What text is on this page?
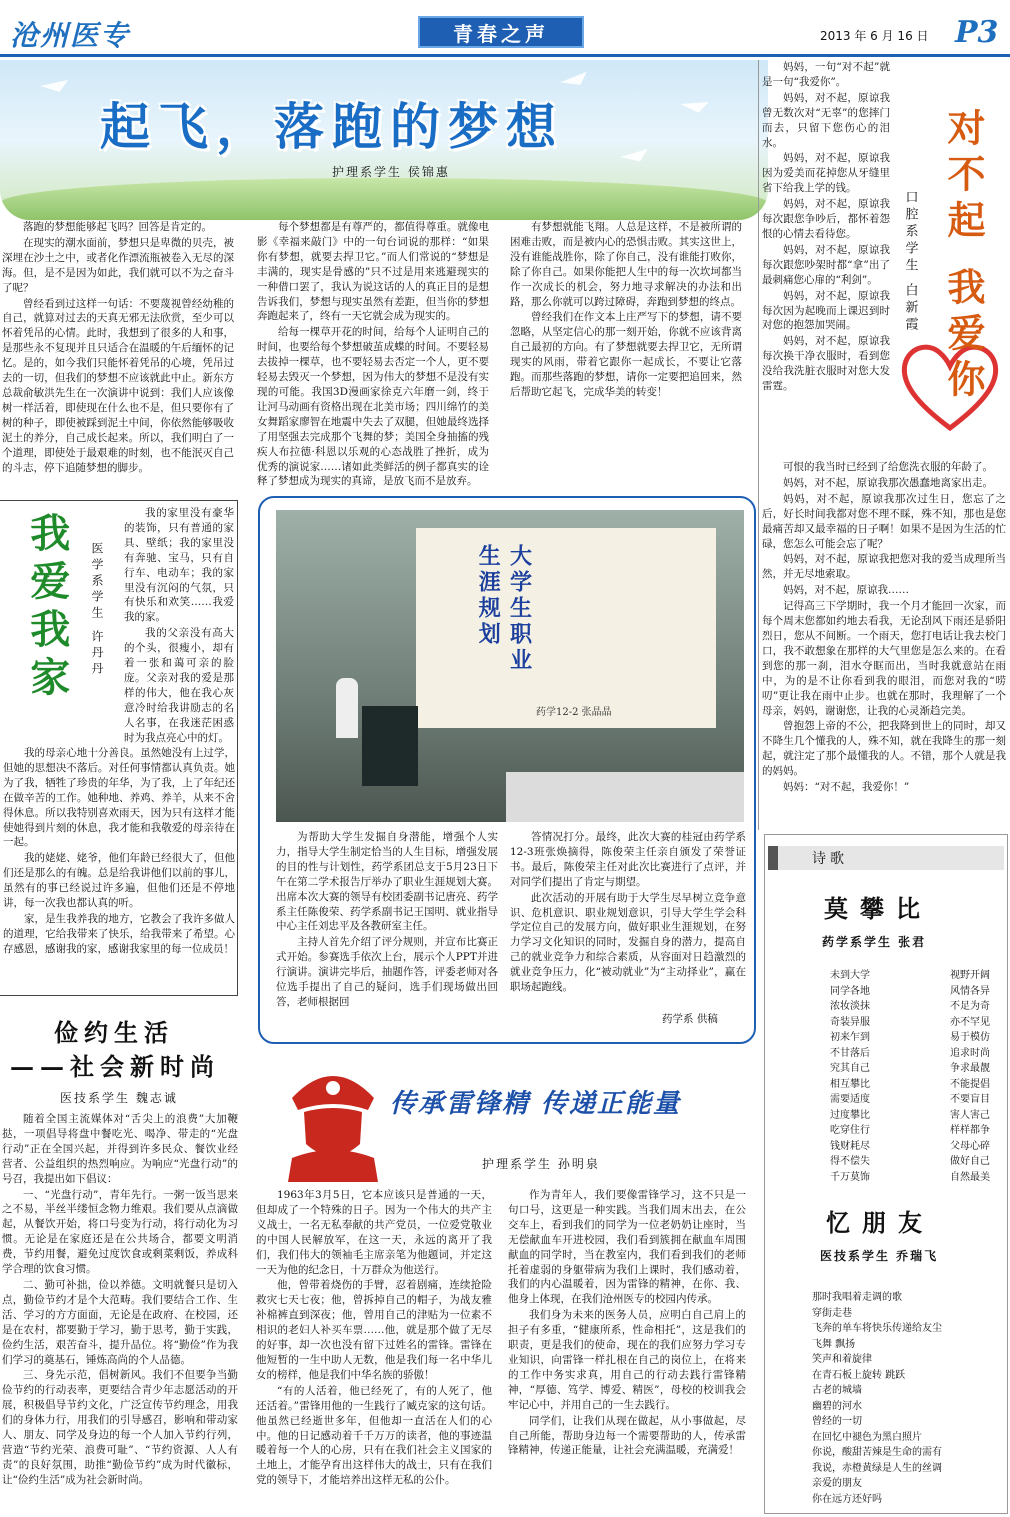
沧州医专	青春之声	2013 年 6 月 16 日 P3
起飞，落跑的梦想
护理系学生 侯锦惠

落跑的梦想能够起飞吗？回答是肯定的。

在现实的潮水面前，梦想只是卑微的贝壳，被深埋在沙土之中，或者化作漂流瓶被卷入无尽的深海。但，是不是因为如此，我们就可以不为之奋斗了呢？

曾经看到过这样一句话：不要蔑视曾经幼稚的自己，就算对过去的天真无邪无法欣赏，至少可以怀着凭吊的心情。此时，我想到了很多的人和事，是那些永不复现并且只适合在温暖的午后缅怀的记忆。是的，如今我们只能怀着凭吊的心境，凭吊过去的一切，但我们的梦想不应该就此中止。新东方总裁俞敏洪先生在一次演讲中说到：我们人应该像树一样活着，即使现在什么也不是，但只要你有了树的种子，即使被踩到泥土中间，你依然能够吸收泥土的养分，自己成长起来。所以，我们明白了一个道理，即使处于最艰难的时刻，也不能泯灭自己的斗志，停下追随梦想的脚步。

每个梦想都是有尊严的，都值得尊重。就像电影《幸福来敲门》中的一句台词说的那样：“如果你有梦想，就要去捍卫它。”而人们常说的“梦想是丰满的，现实是骨感的”只不过是用来逃避现实的一种借口罢了，我认为说这话的人的真正目的是想告诉我们，梦想与现实虽然有差距，但当你的梦想奔跑起来了，终有一天它就会成为现实的。

给每一棵草开花的时间，给每个人证明自己的时间，也要给每个梦想破茧成蝶的时间。不要轻易去拔掉一棵草，也不要轻易去否定一个人，更不要轻易去毁灭一个梦想，因为伟大的梦想不是没有实现的可能。我国3D漫画家徐克六年磨一剑，终于让河马动画有资格出现在北美市场；四川绵竹的美女舞蹈家廖智在地震中失去了双腿，但她最终选择了用坚强去完成那个飞舞的梦；美国全身抽搐的残疾人布拉德·科恩以乐观的心态战胜了挫折，成为优秀的演说家……诸如此类鲜活的例子都真实的诠释了梦想成为现实的真谛，是放飞而不是放弃。

有梦想就能飞翔。人总是这样，不是被所谓的困难击败，而是被内心的恐惧击败。其实这世上，没有谁能战胜你，除了你自己，没有谁能打败你，除了你自己。如果你能把人生中的每一次坎坷都当作一次成长的机会，努力地寻求解决的办法和出路，那么你就可以跨过障碍，奔跑到梦想的终点。

曾经我们在作文本上庄严写下的梦想，请不要忽略，从坚定信心的那一刻开始，你就不应该背离自己最初的方向。有了梦想就要去捍卫它，无所谓现实的风雨，带着它跟你一起成长，不要让它落跑。而那些落跑的梦想，请你一定要把追回来，然后帮助它起飞，完成华美的转变！

妈妈，一句“对不起”就是一句“我爱你”。

妈妈，对不起，原谅我曾无数次对“无辜”的您摔门而去，只留下您伤心的泪水。

妈妈，对不起，原谅我因为爱美而花掉您从牙缝里省下给我上学的钱。

妈妈，对不起，原谅我每次跟您争吵后，都怀着怨恨的心情去看待您。

妈妈，对不起，原谅我每次跟您吵架时都“拿”出了最刺痛您心扉的“利剑”。

妈妈，对不起，原谅我每次因为起晚而上课迟到时对您的抱怨加哭闹。

妈妈，对不起，原谅我每次换干净衣服时，看到您没给我洗脏衣服时对您大发雷霆。	对不起 我爱你
口腔系学生 白新霞

可恨的我当时已经到了给您洗衣服的年龄了。

妈妈，对不起，原谅我那次愚蠢地离家出走。

妈妈，对不起，原谅我那次过生日，您忘了之后，好长时间我都对您不理不睬，殊不知，那也是您最痛苦却又最幸福的日子啊！如果不是因为生活的忙碌，您怎么可能会忘了呢？

妈妈，对不起，原谅我把您对我的爱当成理所当然，并无尽地索取。

妈妈，对不起，原谅我……

记得高三下学期时，我一个月才能回一次家，而每个周末您都如约地去看我，无论刮风下雨还是骄阳烈日，您从不间断。一个雨天，您打电话让我去校门口，我不敢想象在那样的大气里您是怎么来的。在看到您的那一刹，泪水夺眶而出，当时我就意站在雨中，为的是不让你看到我的眼泪，而您对我的“唠叨”更让我在雨中止步。也就在那时，我理解了一个母亲，妈妈，谢谢您，让我的心灵渐趋完美。

曾抱怨上帝的不公，把我降到世上的同时，却又不降生几个懂我的人，殊不知，就在我降生的那一刻起，就注定了那个最懂我的人。不错，那个人就是我的妈妈。

妈妈：“对不起，我爱你！”

我爱我家	医学系学生 许丹丹

我的家里没有豪华的装饰，只有普通的家具、壁纸；我的家里没有奔驰、宝马，只有自行车、电动车；我的家里没有沉闷的气氛，只有快乐和欢笑……我爱我的家。

我的父亲没有高大的个头，很瘦小，却有着一张和蔼可亲的脸庞。父亲对我的爱是那样的伟大，他在我心灰意冷时给我讲励志的名人名事，在我迷茫困惑时为我点亮心中的灯。

我的母亲心地十分善良。虽然她没有上过学，但她的思想决不落后。对任何事情都认真负责。她为了我，牺牲了珍贵的年华，为了我，上了年纪还在做辛苦的工作。她种地、养鸡、养羊，从来不舍得休息。所以我特别喜欢雨天，因为只有这样才能使她得到片刻的休息，我才能和我敬爱的母亲待在一起。

我的姥姥、姥爷，他们年龄已经很大了，但他们还是那么的有魄。总是给我讲他们以前的事儿，虽然有的事已经说过许多遍，但他们还是不停地讲，每一次我也都认真的听。

家，是生我养我的地方，它教会了我许多做人的道理，它给我带来了快乐，给我带来了希望。心存感恩，感谢我的家，感谢我家里的每一位成员！

大学生职业生涯规划
药学12-2 张晶晶

为帮助大学生发掘自身潜能，增强个人实力，指导大学生制定恰当的人生目标，增强发展的目的性与计划性，药学系团总支于5月23日下午在第二学术报告厅举办了职业生涯规划大赛。出席本次大赛的领导有校团委副书记唐亮、药学系主任陈俊荣、药学系副书记王国明、就业指导中心主任刘忠平及各教研室主任。

主持人首先介绍了评分规则，并宣布比赛正式开始。参赛选手依次上台，展示个人PPT并进行演讲。演讲完毕后，抽题作答，评委老师对各位选手提出了自己的疑问，选手们现场做出回答，老师根据回

答情况打分。最终，此次大赛的桂冠由药学系12-3班张焕摘得，陈俊荣主任亲自颁发了荣誉证书。最后，陈俊荣主任对此次比赛进行了点评，并对同学们提出了肯定与期望。

此次活动的开展有助于大学生尽早树立竞争意识、危机意识、职业规划意识，引导大学生学会科学定位自己的发展方向，做好职业生涯规划，在努力学习文化知识的同时，发掘自身的潜力，提高自己的就业竞争力和综合素质，从容面对日趋激烈的就业竞争压力，化“被动就业”为“主动择业”，赢在职场起跑线。

药学系 供稿
俭约生活
——社会新时尚
医技系学生 魏志诚

随着全国主流媒体对“舌尖上的浪费”大加鞭挞，一项倡导将盘中餐吃光、喝净、带走的“光盘行动”正在全国兴起，并得到许多民众、餐饮业经营者、公益组织的热烈响应。为响应“光盘行动”的号召，我提出如下倡议：

一、“光盘行动”，青年先行。一粥一饭当思来之不易，半丝半缕恒念物力维艰。我们要从点滴做起，从餐饮开始，将口号变为行动，将行动化为习惯。无论是在家庭还是在公共场合，都要文明消费，节约用餐，避免过度饮食或剩菜剩饭，养成科学合理的饮食习惯。

二、勤可补拙，俭以养德。文明就餐只是切入点，勤俭节约才是个大范畴。我们要结合工作、生活、学习的方方面面，无论是在政府、在校园，还是在农村，都要勤于学习，勤于思考，勤于实践，俭约生活，艰苦奋斗，提升品位。将“勤俭”作为我们学习的奠基石，锤炼高尚的个人品德。

三、身先示范，倡树新风。我们不但要争当勤俭节约的行动表率，更要结合青少年志愿活动的开展，积极倡导节约文化，广泛宣传节约理念，用我们的身体力行，用我们的引导感召，影响和带动家人、朋友、同学及身边的每一个人加入节约行列，营造“节约光荣、浪费可耻”、“节约资源、人人有责”的良好氛围，助推“勤俭节约”成为时代徽标，让“俭约生活”成为社会新时尚。

传承雷锋精 传递正能量
护理系学生 孙明泉

1963年3月5日，它本应该只是普通的一天，但却成了一个特殊的日子。因为一个伟大的共产主义战士，一名无私奉献的共产党员，一位爱党敬业的中国人民解放军，在这一天，永远的离开了我们，我们伟大的领袖毛主席亲笔为他题词，并定这一天为他的纪念日，十万群众为他送行。

他，曾带着烧伤的手臂，忍着剧痛，连续抢险救灾七天七夜；他，曾拆掉自己的帽子，为战友雅补棉裤直到深夜；他，曾用自己的津贴为一位素不相识的老妇人补买车票……他，就是那个做了无尽的好事，却一次也没有留下过姓名的雷锋。雷锋在他短暂的一生中助人无数，他是我们每一名中华儿女的榜样，他是我们中华名族的骄傲！

“有的人活着，他已经死了，有的人死了，他还活着。”雷锋用他的一生践行了臧克家的这句话。他虽然已经逝世多年，但他却一直活在人们的心中。他的日记感动着千千万万的读者，他的事迹温暖着每一个人的心房，只有在我们社会主义国家的土地上，才能孕育出这样伟大的战士，只有在我们党的领导下，才能培养出这样无私的公仆。

作为青年人，我们要像雷锋学习，这不只是一句口号，这更是一种实践。当我们周末出去，在公交车上，看到我们的同学为一位老奶奶让座时，当无偿献血车开进校园，我们看到簇拥在献血车周围献血的同学时，当在教室内，我们看到我们的老师托着虚弱的身躯带病为我们上课时，我们感动着，我们的内心温暖着，因为雷锋的精神，在你、我、他身上体现，在我们沧州医专的校园内传承。

我们身为未来的医务人员，应明白自己肩上的担子有多重，“健康所系，性命相托”，这是我们的职责，更是我们的使命，现在的我们应努力学习专业知识，向雷锋一样扎根在自己的岗位上，在将来的工作中务实求真，用自己的行动去践行雷锋精神，“厚德、笃学、博爱、精医”，母校的校训我会牢记心中，并用自己的一生去践行。

同学们，让我们从现在做起，从小事做起，尽自己所能，帮助身边每一个需要帮助的人，传承雷锋精神，传递正能量，让社会充满温暖，充满爱！

诗歌
莫攀比
药学系学生 张君
未到大学	视野开阔
同学各地	风情各异
浓妆淡抹	不足为奇
奇装异服	亦不罕见
初来乍到	易于模仿
不甘落后	追求时尚
究其自己	争求最靓
相互攀比	不能提倡
需要适度	不要盲目
过度攀比	害人害己
吃穿住行	样样都争
钱财耗尽	父母心碎
得不偿失	做好自己
千万莫饰	自然最美
忆朋友
医技系学生 乔瑞飞
那时我唱着走调的歌
穿街走巷
飞奔的单车将快乐传递给友尘
飞舞 飘扬
笑声和着旋律
在青石板上旋转 跳跃
古老的城墙
幽碧的河水
曾经的一切
在回忆中褪色为黑白照片
你说，酸甜苦辣是生命的需有
我说，赤橙黄绿是人生的丝调
亲爱的朋友
你在远方还好吗
